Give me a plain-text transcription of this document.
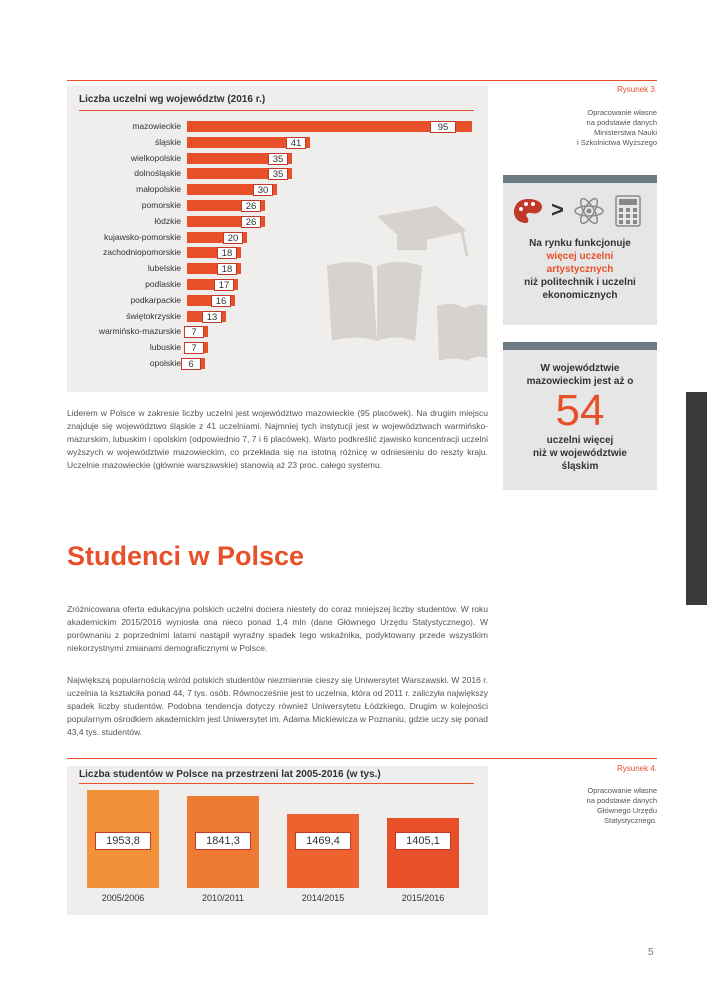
Rysunek 3.
Opracowanie własne
na podstawie danych
Ministerstwa Nauki
i Szkolnictwa Wyższego
Liczba uczelni wg województw (2016 r.)
mazowieckie	95
śląskie	41
wielkopolskie	35
dolnośląskie	35
małopolskie	30
pomorskie	26
łódzkie	26
kujawsko-pomorskie	20
zachodniopomorskie	18
lubelskie	18
podlaskie	17
podkarpackie	16
świętokrzyskie	13
warmińsko-mazurskie	7
lubuskie	7
opolskie 6
>
Na rynku funkcjonuje
więcej uczelni
artystycznych
niż politechnik i uczelni
ekonomicznych
W województwie
mazowieckim jest aż o
54
uczelni więcej
niż w województwie
śląskim
Liderem w Polsce w zakresie liczby uczelni jest województwo mazowieckie (95 placówek). Na drugim miejscu znajduje się województwo śląskie z 41 uczelniami. Najmniej tych instytucji jest w województwach warmińsko-mazurskim, lubuskim i opolskim (odpowiednio 7, 7 i 6 placówek). Warto podkreślić zjawisko koncentracji uczelni wyższych w województwie mazowieckim, co przekłada się na istotną różnicę w odniesieniu do reszty kraju. Uczelnie mazowieckie (głównie warszawskie) stanowią aż 23 proc. całego systemu.
Studenci w Polsce
Zróżnicowana oferta edukacyjna polskich uczelni dociera niestety do coraz mniejszej liczby studentów. W roku akademickim 2015/2016 wyniosła ona nieco ponad 1,4 mln (dane Głównego Urzędu Statystycznego). W porównaniu z poprzednimi latami nastąpił wyraźny spadek tego wskaźnika, podyktowany przede wszystkim niekorzystnymi zmianami demograficznymi w Polsce.
Największą popularnością wśród polskich studentów niezmiennie cieszy się Uniwersytet Warszawski. W 2016 r. uczelnia ta kształciła ponad 44, 7 tys. osób. Równocześnie jest to uczelnia, która od 2011 r. zaliczyła największy spadek liczby studentów. Podobna tendencja dotyczy również Uniwersytetu Łódzkiego. Drugim w kolejności popularnym ośrodkiem akademickim jest Uniwersytet im. Adama Mickiewicza w Poznaniu, gdzie uczy się ponad 43,4 tys. studentów.
Rysunek 4.
Opracowanie własne
na podstawie danych
Głównego Urzędu
Statystycznego.
Liczba studentów w Polsce na przestrzeni lat 2005-2016 (w tys.)
1953,8
2005/2006
1841,3
2010/2011
1469,4
2014/2015
1405,1
2015/2016
5
